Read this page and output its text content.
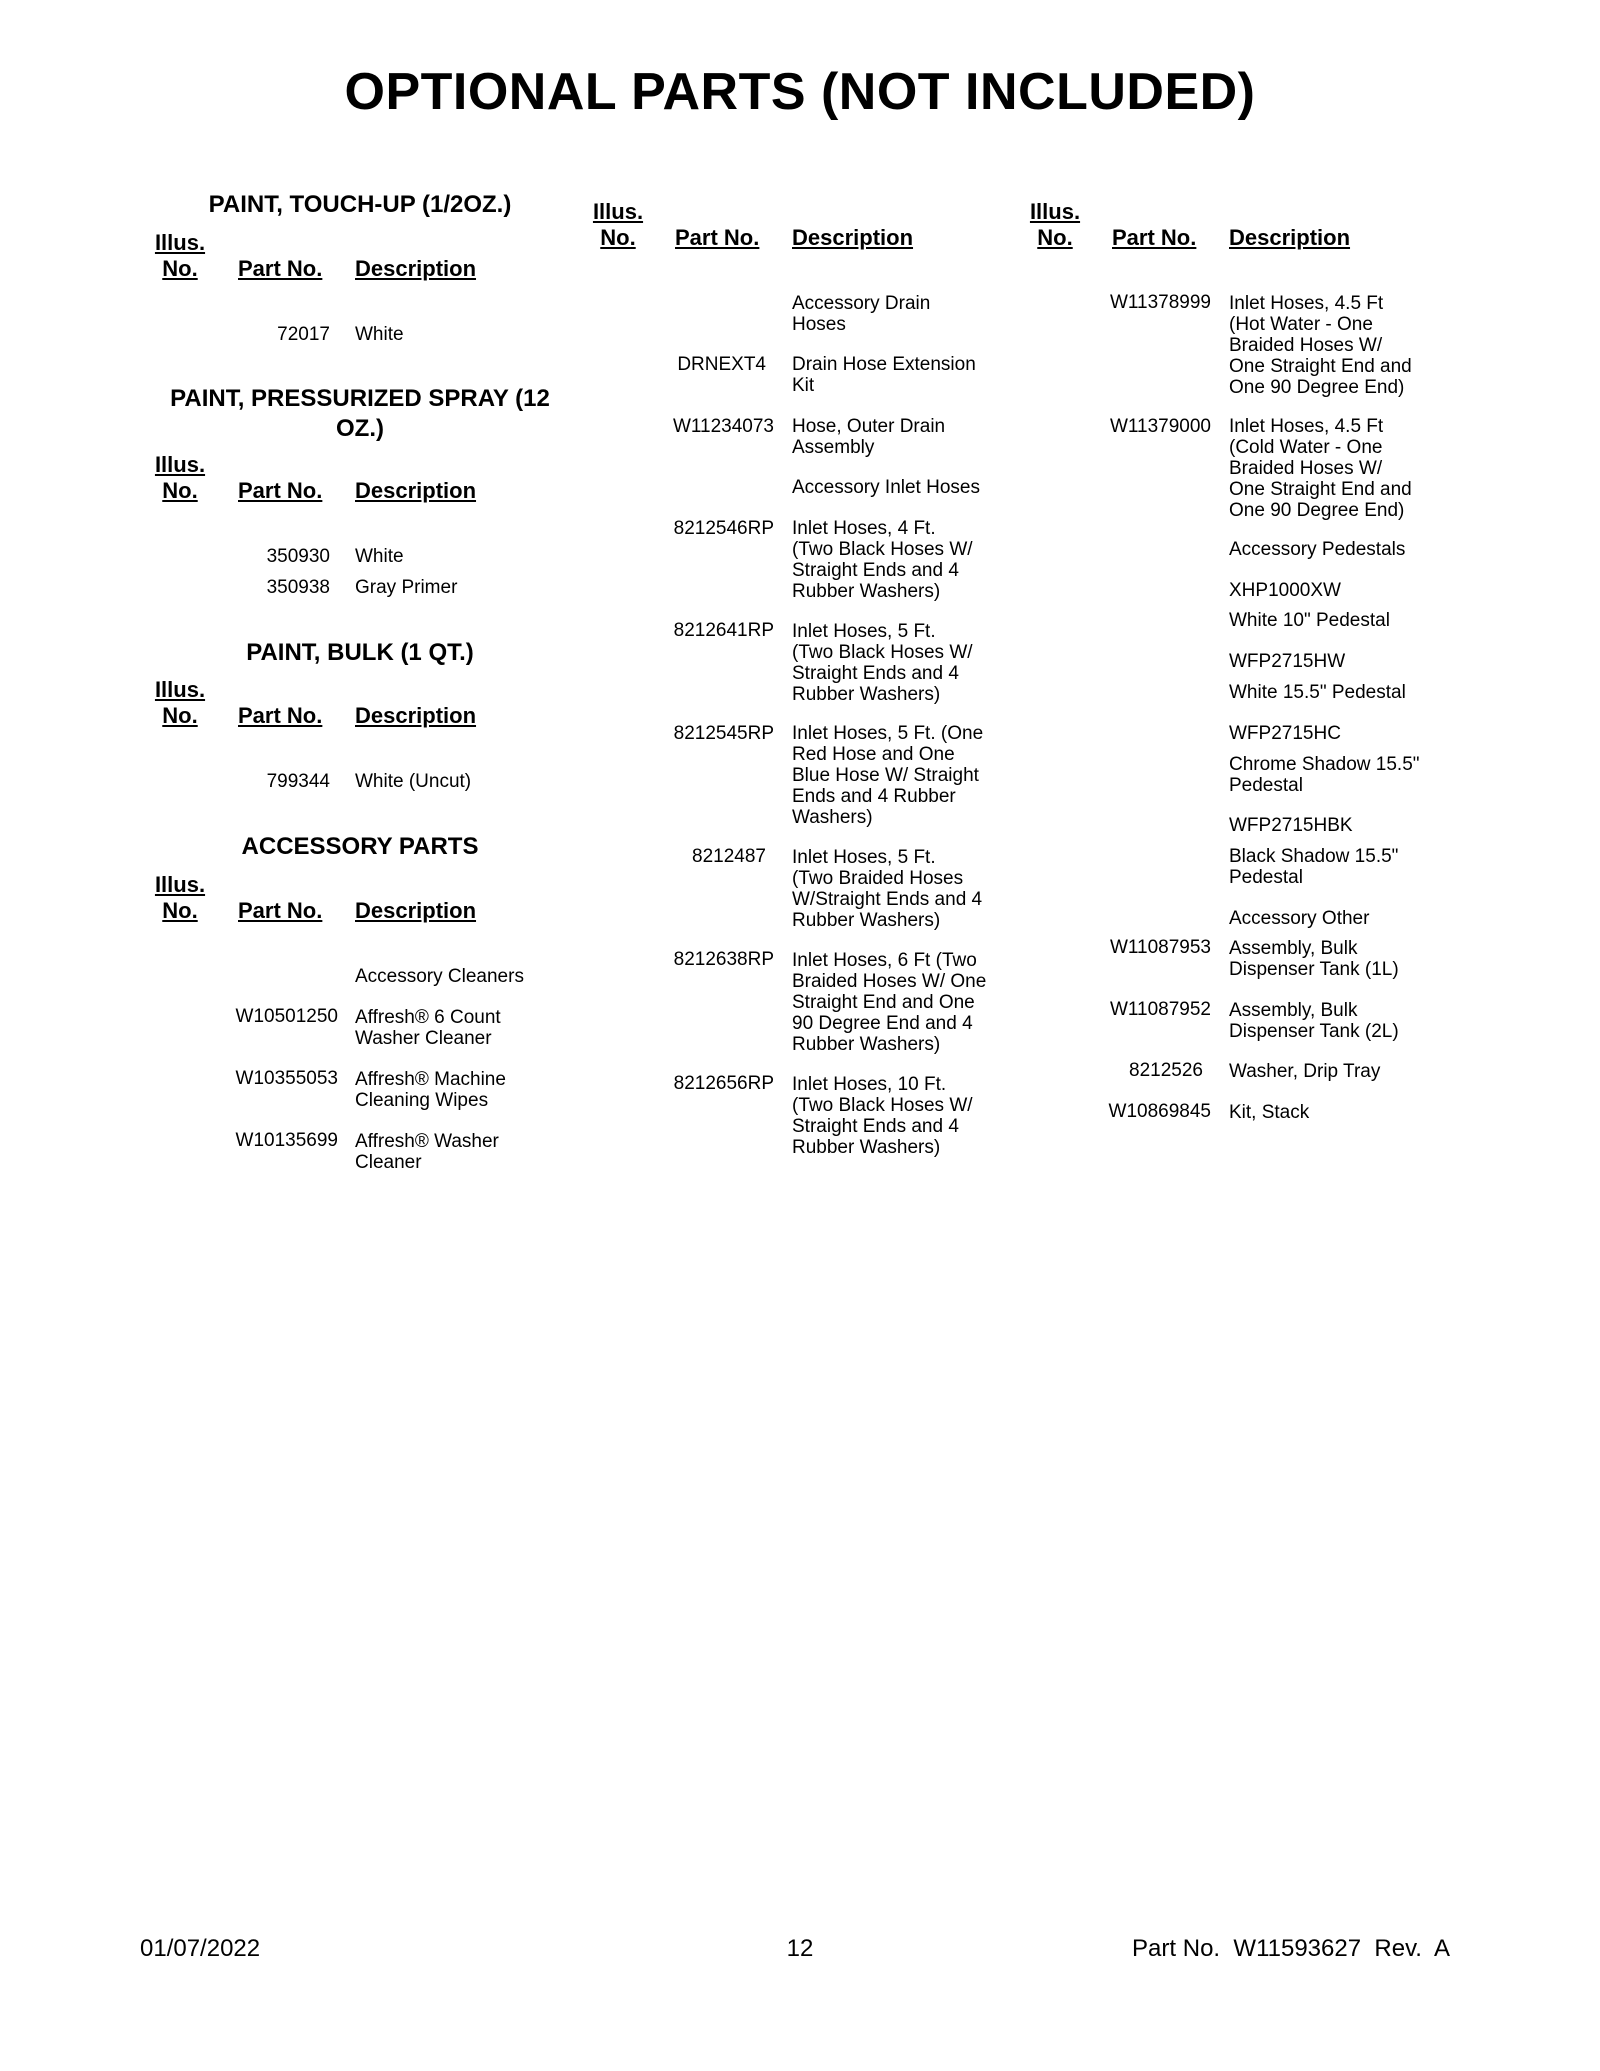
OPTIONAL PARTS (NOT INCLUDED)
PAINT, TOUCH-UP (1/2OZ.)
Illus.
No.	Part No. Description
72017 White
PAINT, PRESSURIZED SPRAY (12 OZ.)
Illus.
No.	Part No. Description
350930 White
350938 Gray Primer
PAINT, BULK (1 QT.)
Illus.
No.	Part No. Description
799344 White (Uncut)
ACCESSORY PARTS
Illus.
No.	Part No. Description
Accessory Cleaners
W10501250 Affresh® 6 Count
Washer Cleaner
W10355053 Affresh® Machine
Cleaning Wipes
W10135699 Affresh® Washer
Cleaner
Illus.
No.	Part No. Description
Accessory Drain
Hoses
DRNEXT4 Drain Hose Extension
Kit
W11234073 Hose, Outer Drain
Assembly
Accessory Inlet Hoses
8212546RP Inlet Hoses, 4 Ft.
(Two Black Hoses W/
Straight Ends and 4
Rubber Washers)
8212641RP Inlet Hoses, 5 Ft.
(Two Black Hoses W/
Straight Ends and 4
Rubber Washers)
8212545RP Inlet Hoses, 5 Ft. (One
Red Hose and One
Blue Hose W/ Straight
Ends and 4 Rubber
Washers)
8212487 Inlet Hoses, 5 Ft.
(Two Braided Hoses
W/Straight Ends and 4
Rubber Washers)
8212638RP Inlet Hoses, 6 Ft (Two
Braided Hoses W/ One
Straight End and One
90 Degree End and 4
Rubber Washers)
8212656RP Inlet Hoses, 10 Ft.
(Two Black Hoses W/
Straight Ends and 4
Rubber Washers)
Illus.
No.	Part No. Description
W11378999 Inlet Hoses, 4.5 Ft
(Hot Water - One
Braided Hoses W/
One Straight End and
One 90 Degree End)
W11379000 Inlet Hoses, 4.5 Ft
(Cold Water - One
Braided Hoses W/
One Straight End and
One 90 Degree End)
Accessory Pedestals
XHP1000XW
White 10" Pedestal
WFP2715HW
White 15.5" Pedestal
WFP2715HC
Chrome Shadow 15.5"
Pedestal
WFP2715HBK
Black Shadow 15.5"
Pedestal
Accessory Other
W11087953 Assembly, Bulk
Dispenser Tank (1L)
W11087952 Assembly, Bulk
Dispenser Tank (2L)
8212526 Washer, Drip Tray
W10869845 Kit, Stack
01/07/2022	12	Part No.  W11593627  Rev.  A
